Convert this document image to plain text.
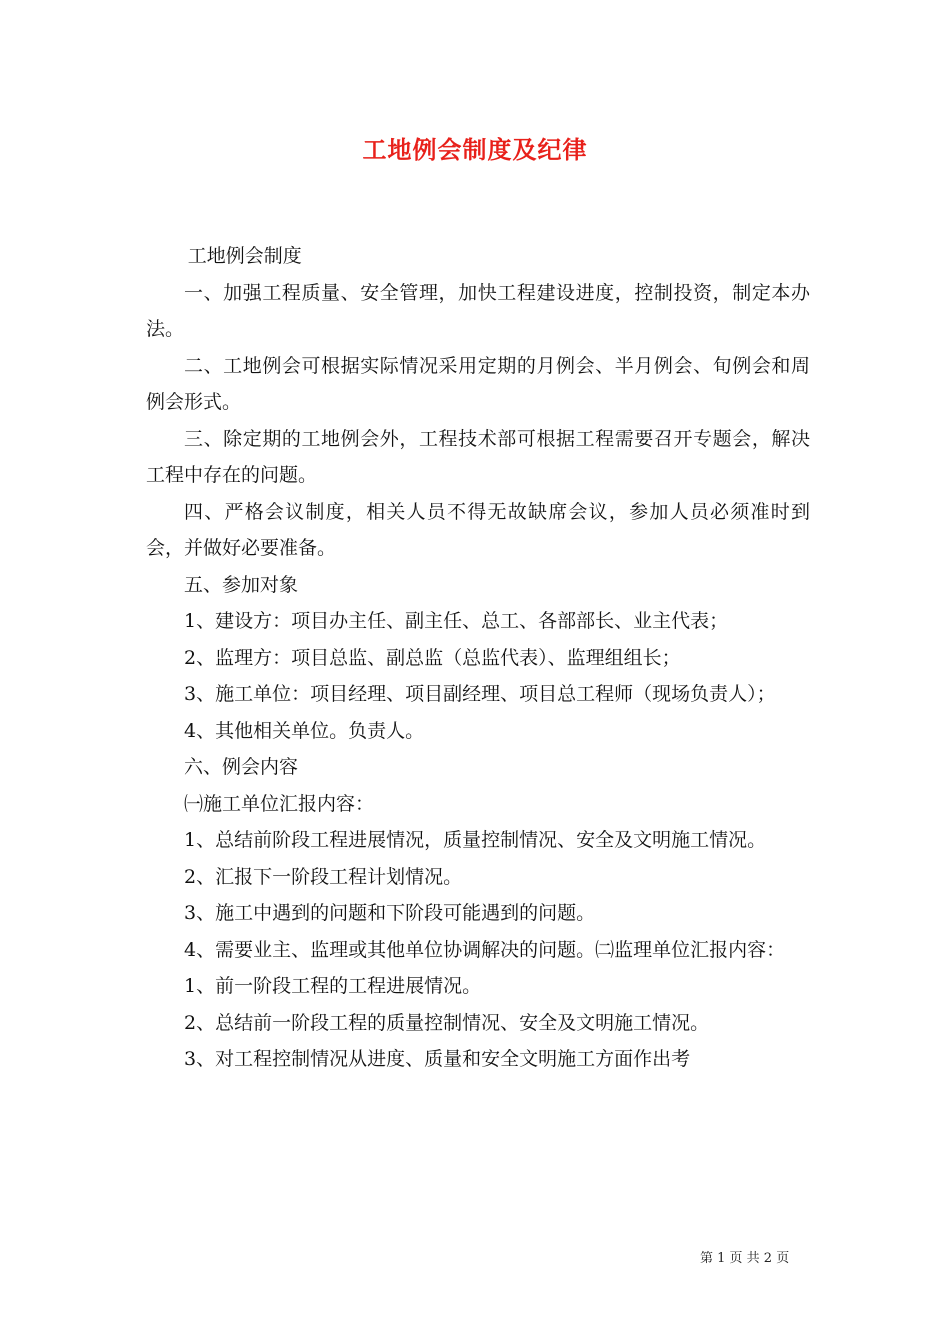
工地例会制度及纪律

工地例会制度

一、加强工程质量、安全管理，加快工程建设进度，控制投资，制定本办法。

二、工地例会可根据实际情况采用定期的月例会、半月例会、旬例会和周例会形式。

三、除定期的工地例会外，工程技术部可根据工程需要召开专题会，解决工程中存在的问题。

四、严格会议制度，相关人员不得无故缺席会议，参加人员必须准时到会，并做好必要准备。

五、参加对象

1、建设方：项目办主任、副主任、总工、各部部长、业主代表；

2、监理方：项目总监、副总监（总监代表）、监理组组长；

3、施工单位：项目经理、项目副经理、项目总工程师（现场负责人）；

4、其他相关单位。负责人。

六、例会内容

㈠施工单位汇报内容：

1、总结前阶段工程进展情况，质量控制情况、安全及文明施工情况。

2、汇报下一阶段工程计划情况。

3、施工中遇到的问题和下阶段可能遇到的问题。

4、需要业主、监理或其他单位协调解决的问题。㈡监理单位汇报内容：

1、前一阶段工程的工程进展情况。

2、总结前一阶段工程的质量控制情况、安全及文明施工情况。

3、对工程控制情况从进度、质量和安全文明施工方面作出考

第 1 页 共 2 页
